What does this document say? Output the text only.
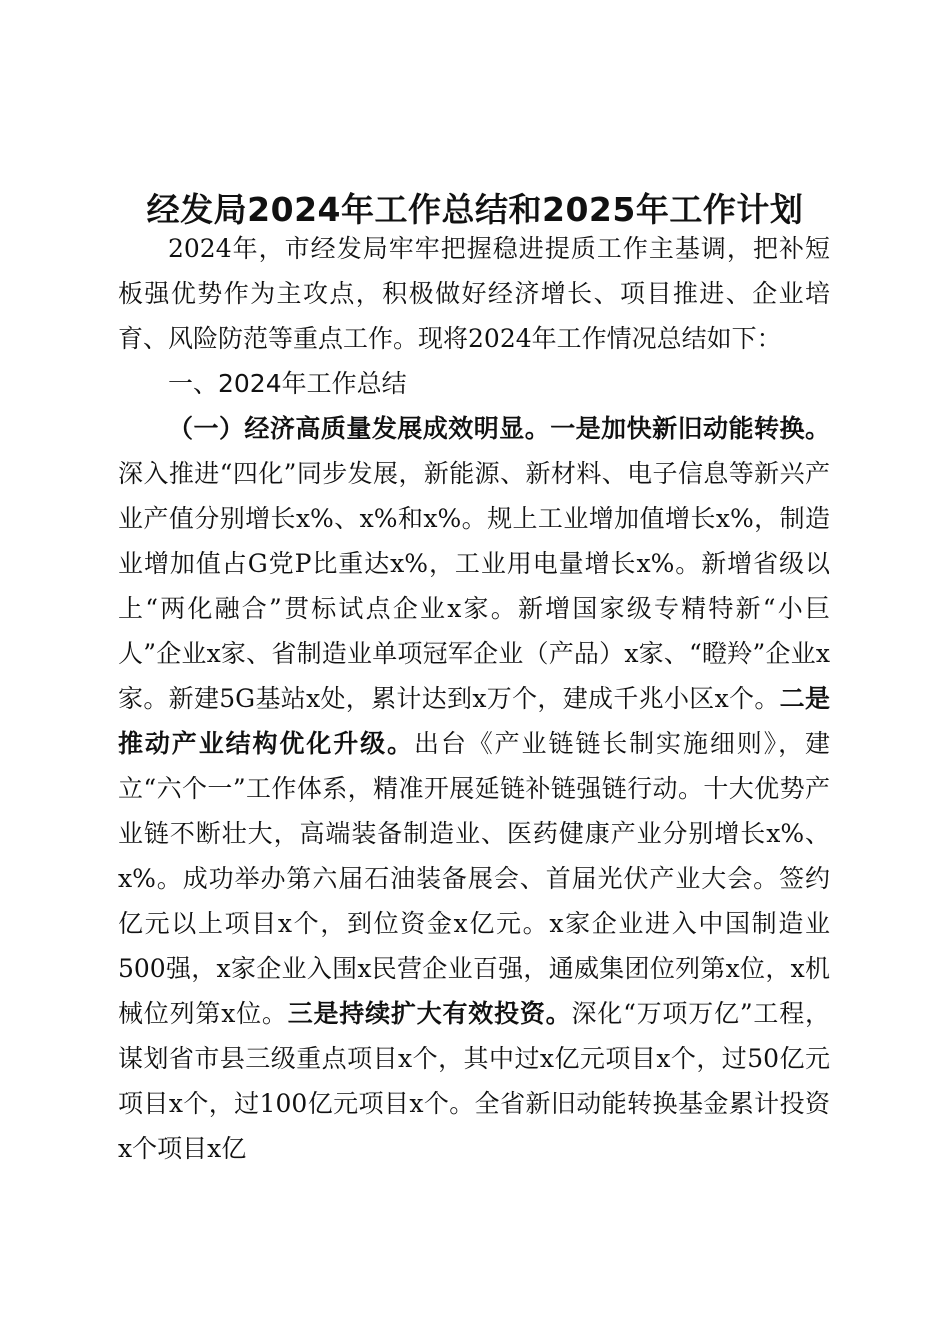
经发局2024年工作总结和2025年工作计划

2024年，市经发局牢牢把握稳进提质工作主基调，把补短板强优势作为主攻点，积极做好经济增长、项目推进、企业培育、风险防范等重点工作。现将2024年工作情况总结如下：

一、2024年工作总结

（一）经济高质量发展成效明显。一是加快新旧动能转换。深入推进“四化”同步发展，新能源、新材料、电子信息等新兴产业产值分别增长x%、x%和x%。规上工业增加值增长x%，制造业增加值占G党P比重达x%，工业用电量增长x%。新增省级以上“两化融合”贯标试点企业x家。新增国家级专精特新“小巨人”企业x家、省制造业单项冠军企业（产品）x家、“瞪羚”企业x家。新建5G基站x处，累计达到x万个，建成千兆小区x个。二是推动产业结构优化升级。出台《产业链链长制实施细则》，建立“六个一”工作体系，精准开展延链补链强链行动。十大优势产业链不断壮大，高端装备制造业、医药健康产业分别增长x%、x%。成功举办第六届石油装备展会、首届光伏产业大会。签约亿元以上项目x个，到位资金x亿元。x家企业进入中国制造业500强，x家企业入围x民营企业百强，通威集团位列第x位，x机械位列第x位。三是持续扩大有效投资。深化“万项万亿”工程，谋划省市县三级重点项目x个，其中过x亿元项目x个，过50亿元项目x个，过100亿元项目x个。全省新旧动能转换基金累计投资x个项目x亿
